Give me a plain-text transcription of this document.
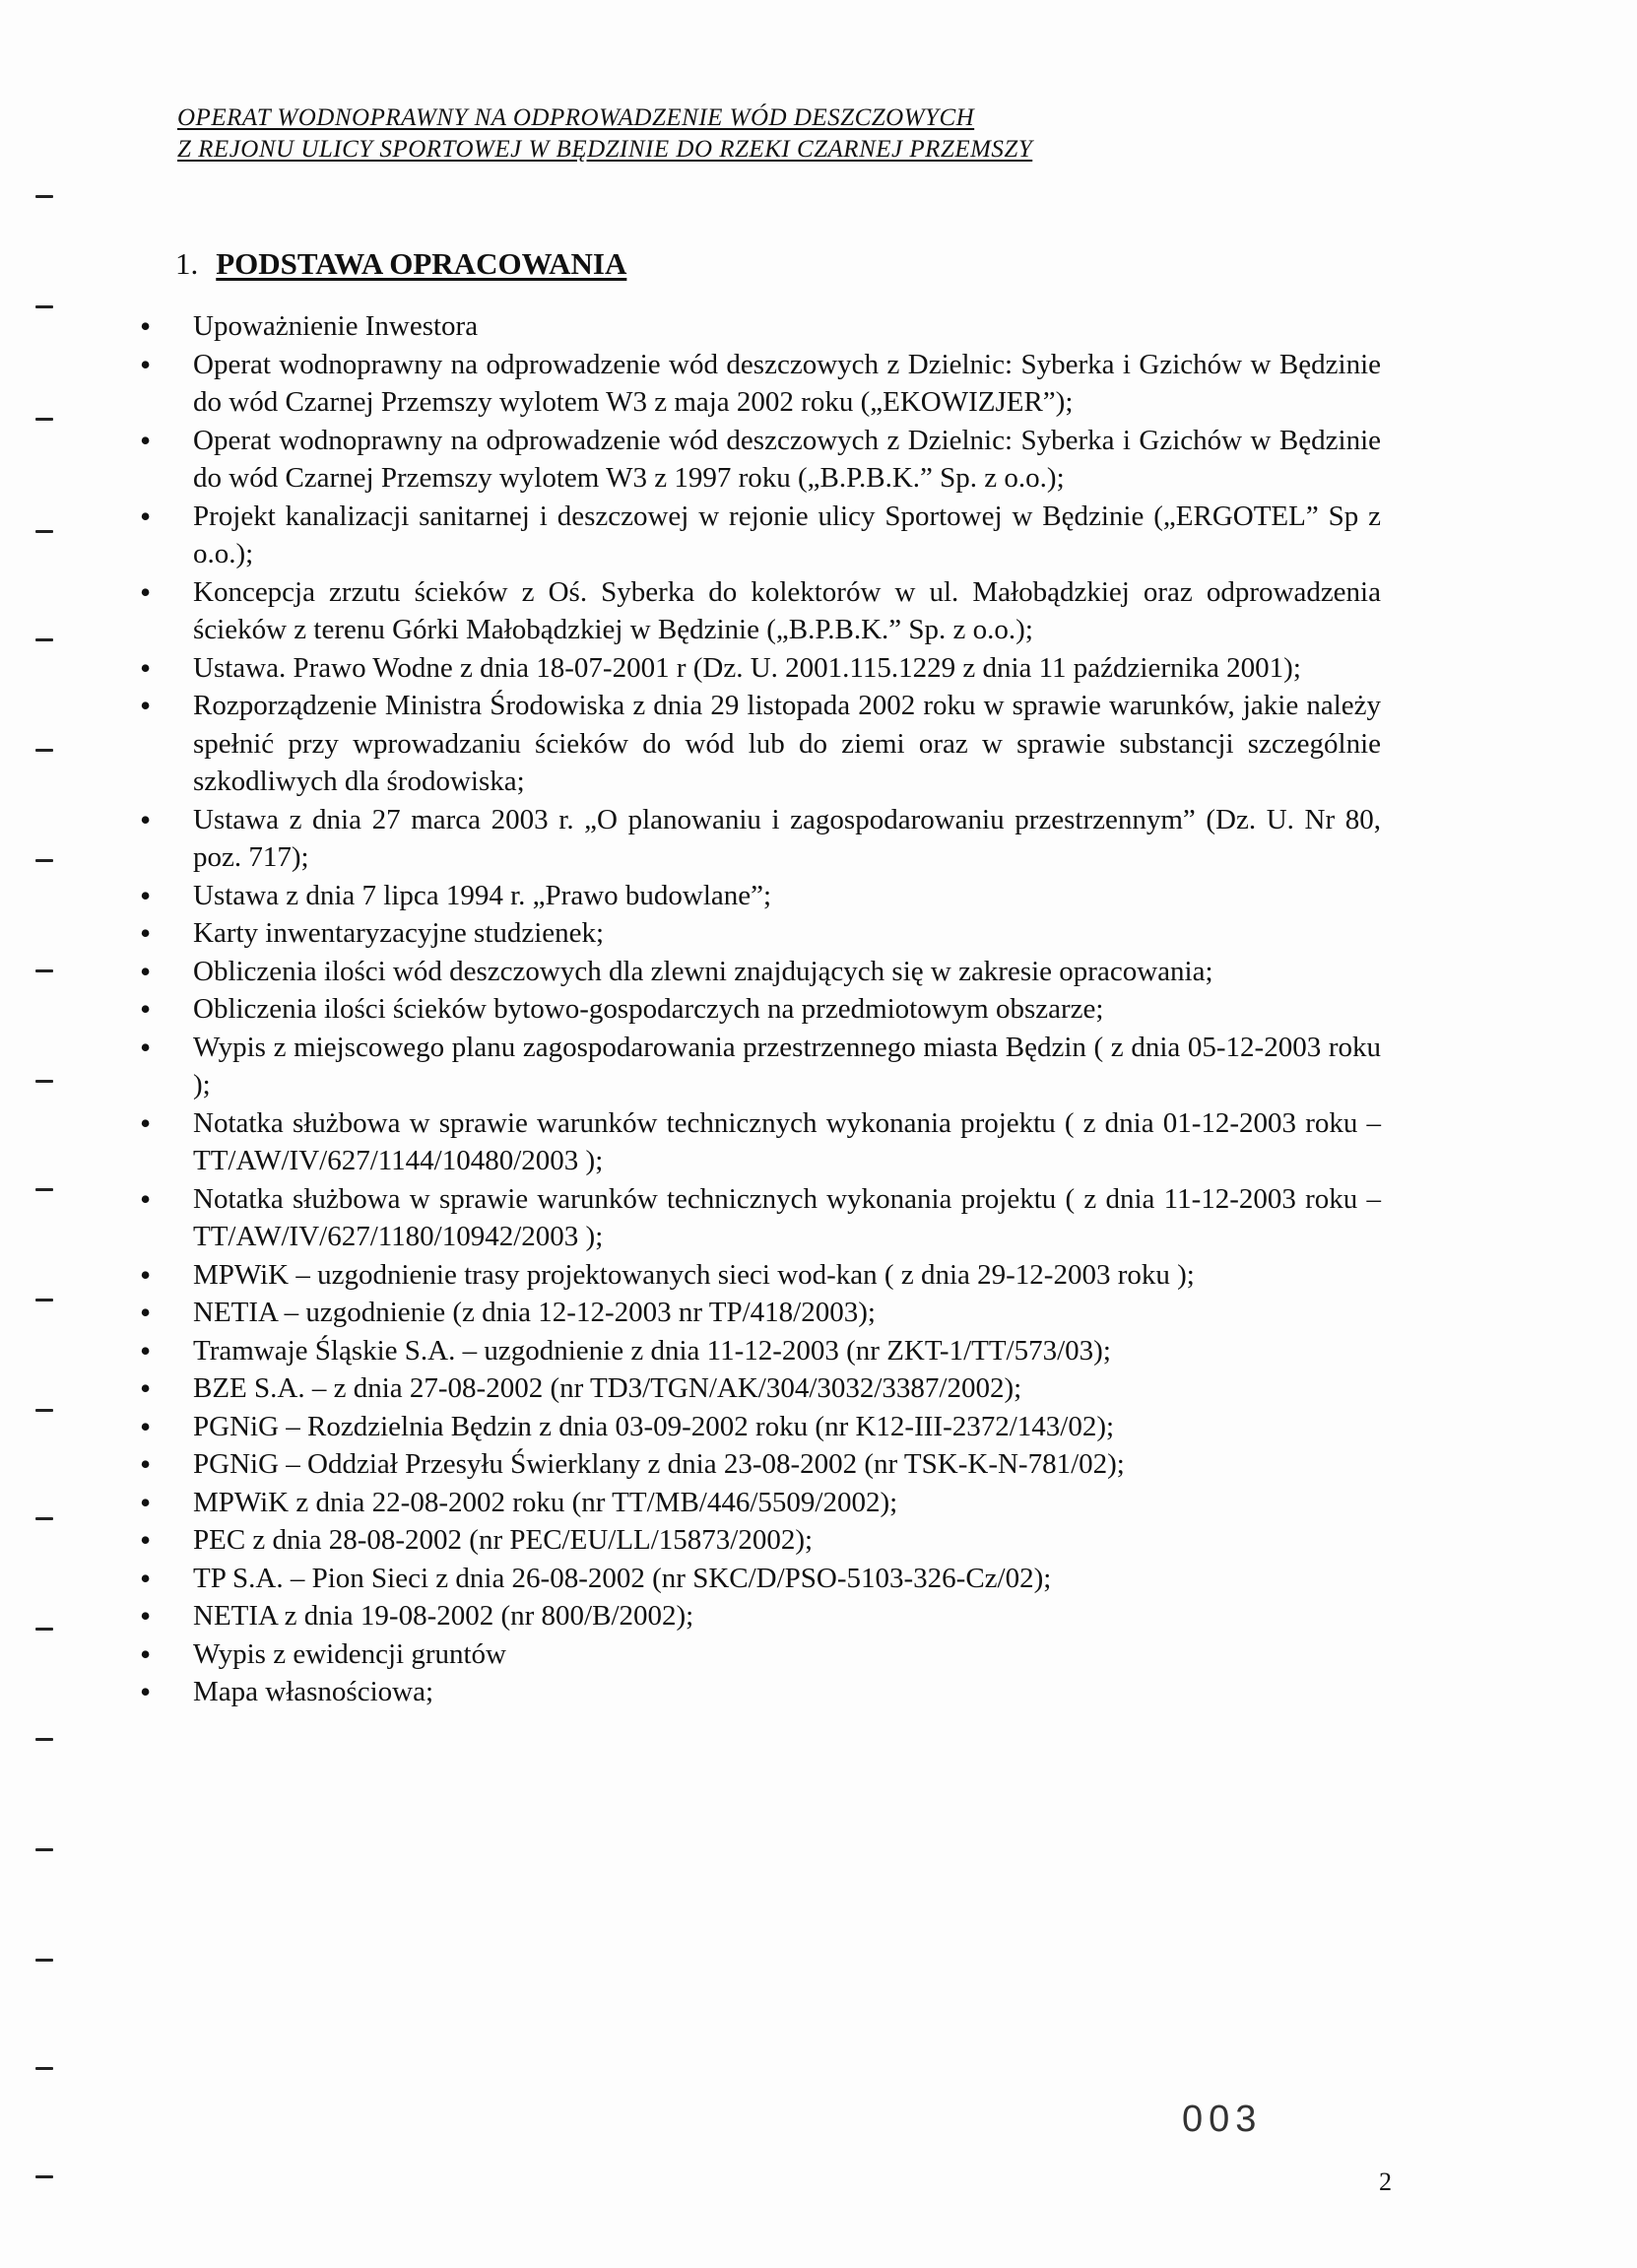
OPERAT WODNOPRAWNY NA ODPROWADZENIE WÓD DESZCZOWYCH
Z REJONU ULICY SPORTOWEJ W BĘDZINIE DO RZEKI CZARNEJ PRZEMSZY
1. PODSTAWA OPRACOWANIA
• Upoważnienie Inwestora
• Operat wodnoprawny na odprowadzenie wód deszczowych z Dzielnic: Syberka i Gzichów w Będzinie do wód Czarnej Przemszy wylotem W3 z maja 2002 roku („EKOWIZJER”);
• Operat wodnoprawny na odprowadzenie wód deszczowych z Dzielnic: Syberka i Gzichów w Będzinie do wód Czarnej Przemszy wylotem W3 z 1997 roku („B.P.B.K.” Sp. z o.o.);
• Projekt kanalizacji sanitarnej i deszczowej w rejonie ulicy Sportowej w Będzinie („ERGOTEL” Sp z o.o.);
• Koncepcja zrzutu ścieków z Oś. Syberka do kolektorów w ul. Małobądzkiej oraz odprowadzenia ścieków z terenu Górki Małobądzkiej w Będzinie („B.P.B.K.” Sp. z o.o.);
• Ustawa. Prawo Wodne z dnia 18-07-2001 r (Dz. U. 2001.115.1229 z dnia 11 października 2001);
• Rozporządzenie Ministra Środowiska z dnia 29 listopada 2002 roku w sprawie warunków, jakie należy spełnić przy wprowadzaniu ścieków do wód lub do ziemi oraz w sprawie substancji szczególnie szkodliwych dla środowiska;
• Ustawa z dnia 27 marca 2003 r. „O planowaniu i zagospodarowaniu przestrzennym” (Dz. U. Nr 80, poz. 717);
• Ustawa z dnia 7 lipca 1994 r. „Prawo budowlane”;
• Karty inwentaryzacyjne studzienek;
• Obliczenia ilości wód deszczowych dla zlewni znajdujących się w zakresie opracowania;
• Obliczenia ilości ścieków bytowo-gospodarczych na przedmiotowym obszarze;
• Wypis z miejscowego planu zagospodarowania przestrzennego miasta Będzin ( z dnia 05-12-2003 roku );
• Notatka służbowa w sprawie warunków technicznych wykonania projektu ( z dnia 01-12-2003 roku – TT/AW/IV/627/1144/10480/2003 );
• Notatka służbowa w sprawie warunków technicznych wykonania projektu ( z dnia 11-12-2003 roku – TT/AW/IV/627/1180/10942/2003 );
• MPWiK – uzgodnienie trasy projektowanych sieci wod-kan ( z dnia 29-12-2003 roku );
• NETIA – uzgodnienie (z dnia 12-12-2003 nr TP/418/2003);
• Tramwaje Śląskie S.A. – uzgodnienie z dnia 11-12-2003 (nr ZKT-1/TT/573/03);
• BZE S.A. – z dnia 27-08-2002 (nr TD3/TGN/AK/304/3032/3387/2002);
• PGNiG – Rozdzielnia Będzin z dnia 03-09-2002 roku (nr K12-III-2372/143/02);
• PGNiG – Oddział Przesyłu Świerklany z dnia 23-08-2002 (nr TSK-K-N-781/02);
• MPWiK z dnia 22-08-2002 roku (nr TT/MB/446/5509/2002);
• PEC z dnia 28-08-2002 (nr PEC/EU/LL/15873/2002);
• TP S.A. – Pion Sieci z dnia 26-08-2002 (nr SKC/D/PSO-5103-326-Cz/02);
• NETIA z dnia 19-08-2002 (nr 800/B/2002);
• Wypis z ewidencji gruntów
• Mapa własnościowa;
003
2
